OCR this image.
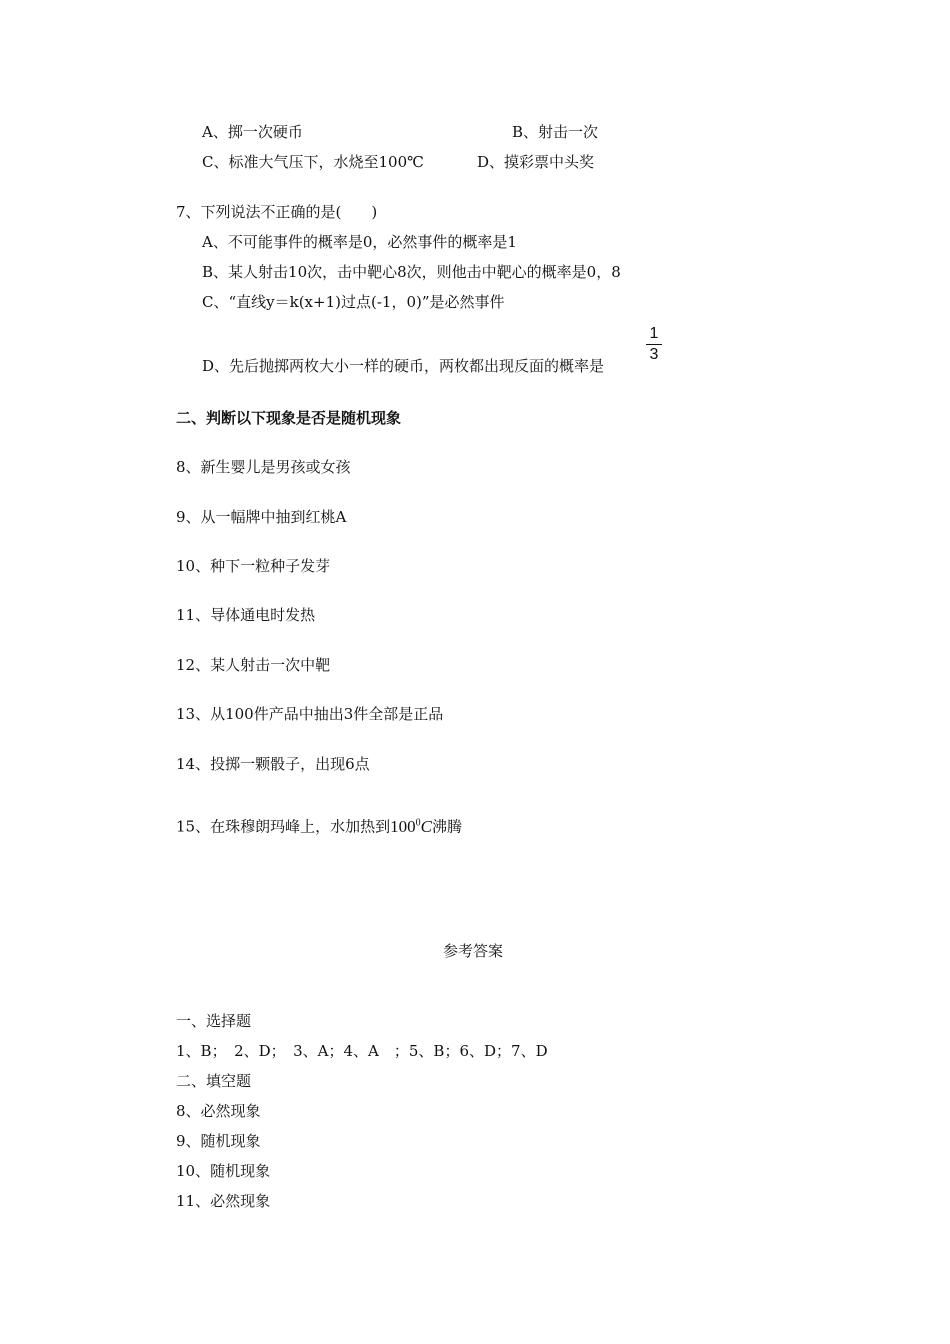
A、掷一次硬币	B、射击一次
C、标准大气压下，水烧至100℃	D、摸彩票中头奖
7、下列说法不正确的是(　　)
A、不可能事件的概率是0，必然事件的概率是1
B、某人射击10次，击中靶心8次，则他击中靶心的概率是0，8
C、“直线y＝k(x+1)过点(-1，0)”是必然事件
D、先后抛掷两枚大小一样的硬币，两枚都出现反面的概率是
1
3
二、判断以下现象是否是随机现象
8、新生婴儿是男孩或女孩
9、从一幅牌中抽到红桃A
10、种下一粒种子发芽
11、导体通电时发热
12、某人射击一次中靶
13、从100件产品中抽出3件全部是正品
14、投掷一颗骰子，出现6点
15、在珠穆朗玛峰上，水加热到$100^0C$沸腾
参考答案
一、选择题
1、B；　2、D；　3、A；4、A　；5、B；6、D；7、D
二、填空题
8、必然现象
9、随机现象
10、随机现象
11、必然现象
